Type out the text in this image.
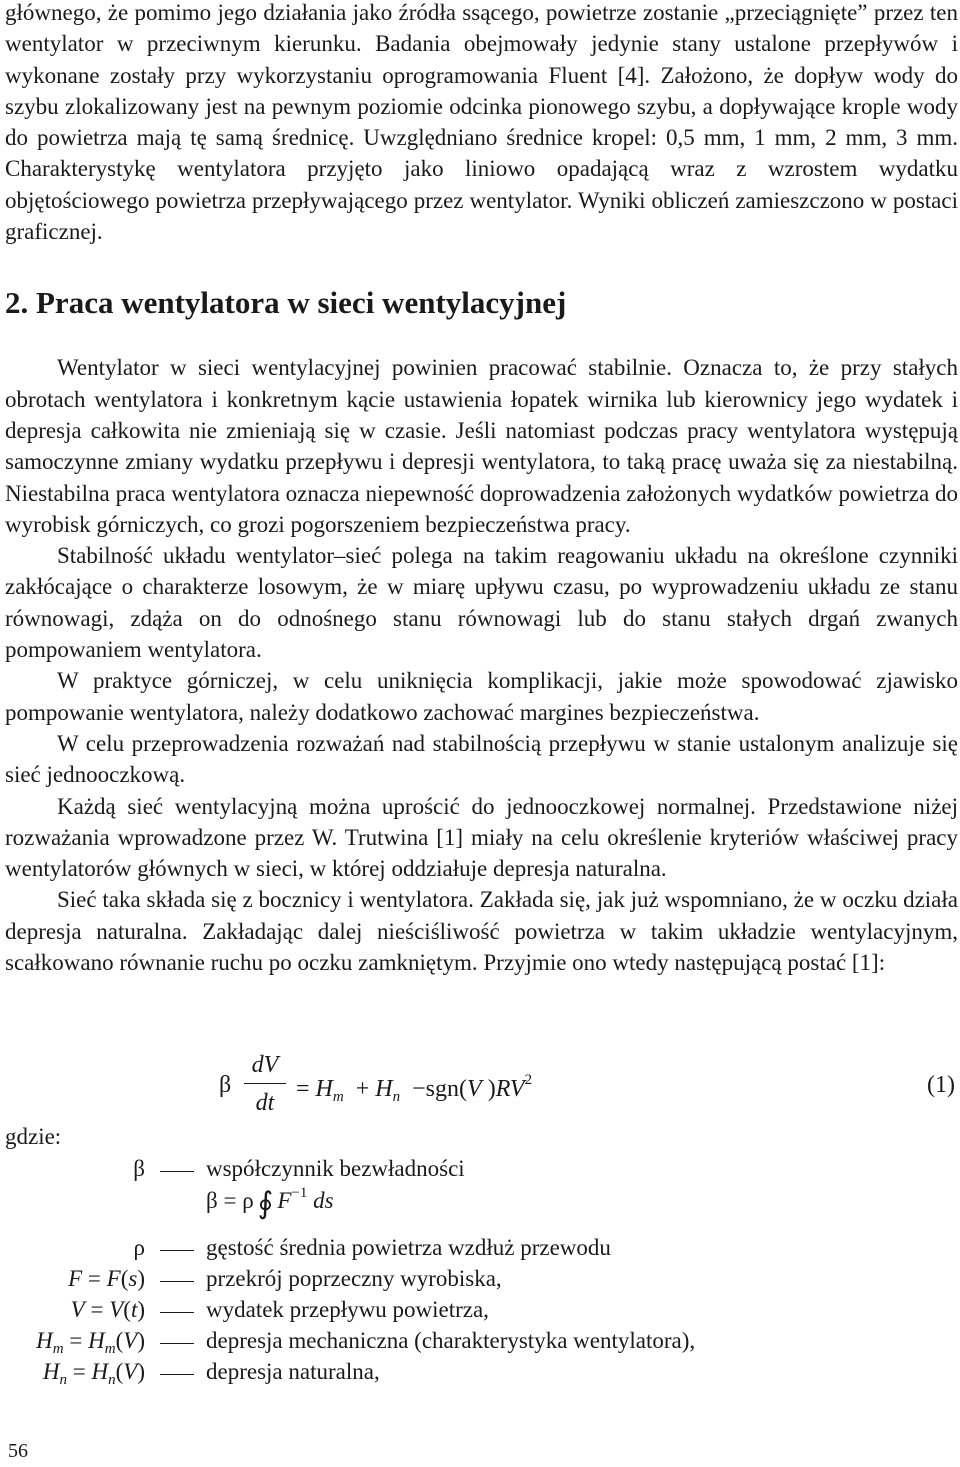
głównego, że pomimo jego działania jako źródła ssącego, powietrze zostanie „przeciągnięte” przez ten wentylator w przeciwnym kierunku. Badania obejmowały jedynie stany ustalone przepływów i wykonane zostały przy wykorzystaniu oprogramowania Fluent [4]. Założono, że dopływ wody do szybu zlokalizowany jest na pewnym poziomie odcinka pionowego szybu, a dopływające krople wody do powietrza mają tę samą średnicę. Uwzględniano średnice kropel: 0,5 mm, 1 mm, 2 mm, 3 mm. Charakterystykę wentylatora przyjęto jako liniowo opadającą wraz z wzrostem wydatku objętościowego powietrza przepływającego przez wentylator. Wyniki obliczeń zamieszczono w postaci graficznej.

2. Praca wentylatora w sieci wentylacyjnej

Wentylator w sieci wentylacyjnej powinien pracować stabilnie. Oznacza to, że przy stałych obrotach wentylatora i konkretnym kącie ustawienia łopatek wirnika lub kierownicy jego wydatek i depresja całkowita nie zmieniają się w czasie. Jeśli natomiast podczas pracy wentylatora występują samoczynne zmiany wydatku przepływu i depresji wentylatora, to taką pracę uważa się za niestabilną. Niestabilna praca wentylatora oznacza niepewność doprowadzenia założonych wydatków powietrza do wyrobisk górniczych, co grozi pogorszeniem bezpieczeństwa pracy.

Stabilność układu wentylator–sieć polega na takim reagowaniu układu na określone czynniki zakłócające o charakterze losowym, że w miarę upływu czasu, po wyprowadzeniu układu ze stanu równowagi, zdąża on do odnośnego stanu równowagi lub do stanu stałych drgań zwanych pompowaniem wentylatora.

W praktyce górniczej, w celu uniknięcia komplikacji, jakie może spowodować zjawisko pompowanie wentylatora, należy dodatkowo zachować margines bezpieczeństwa.

W celu przeprowadzenia rozważań nad stabilnością przepływu w stanie ustalonym analizuje się sieć jednooczkową.

Każdą sieć wentylacyjną można uprościć do jednooczkowej normalnej. Przedstawione niżej rozważania wprowadzone przez W. Trutwina [1] miały na celu określenie kryteriów właściwej pracy wentylatorów głównych w sieci, w której oddziałuje depresja naturalna.

Sieć taka składa się z bocznicy i wentylatora. Zakłada się, jak już wspomniano, że w oczku działa depresja naturalna. Zakładając dalej nieściśliwość powietrza w takim układzie wentylacyjnym, scałkowano równanie ruchu po oczku zamkniętym. Przyjmie ono wtedy następującą postać [1]:

β
dV
dt
= $H_m + H_n -sgn(V$ )$RV^2$	(1)
gdzie:
β	współczynnik bezwładności
ρ	gęstość średnia powietrza wzdłuż przewodu
F = F(s)	przekrój poprzeczny wyrobiska,
V = V(t)	wydatek przepływu powietrza,
$H_m = H_m(V)$	depresja mechaniczna (charakterystyka wentylatora),
$H_n = H_n(V)$	depresja naturalna,
β = ρ ∮ $F^{-1}$ ds
56
